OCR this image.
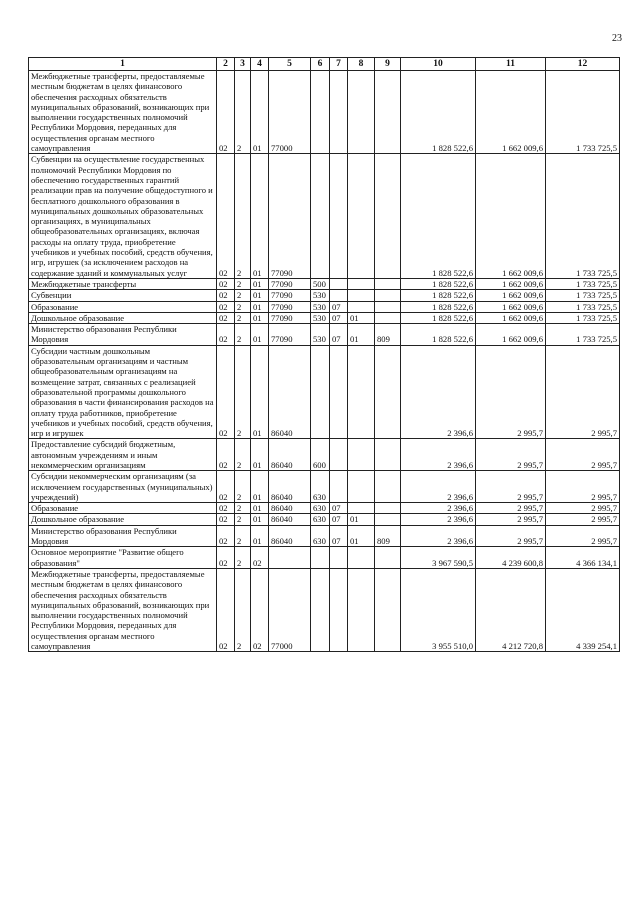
23
1	2	3	4	5	6	7	8	9	10	11	12
Межбюджетные трансферты, предоставляемые местным бюджетам в целях финансового обеспечения расходных обязательств муниципальных образований, возникающих при выполнении государственных полномочий Республики Мордовия, переданных для осуществления органам местного самоуправления	02	2	01	77000					1 828 522,6	1 662 009,6	1 733 725,5
Субвенции на осуществление государственных полномочий Республики Мордовия по обеспечению государственных гарантий реализации прав на получение общедоступного и бесплатного дошкольного образования в муниципальных дошкольных образовательных организациях, в муниципальных общеобразовательных организациях, включая расходы на оплату труда, приобретение учебников и учебных пособий, средств обучения, игр, игрушек (за исключением расходов на содержание зданий и коммунальных услуг	02	2	01	77090					1 828 522,6	1 662 009,6	1 733 725,5
Межбюджетные трансферты	02	2	01	77090	500				1 828 522,6	1 662 009,6	1 733 725,5
Субвенции	02	2	01	77090	530				1 828 522,6	1 662 009,6	1 733 725,5
Образование	02	2	01	77090	530	07			1 828 522,6	1 662 009,6	1 733 725,5
Дошкольное образование	02	2	01	77090	530	07	01		1 828 522,6	1 662 009,6	1 733 725,5
Министерство образования Республики Мордовия	02	2	01	77090	530	07	01	809	1 828 522,6	1 662 009,6	1 733 725,5
Субсидии частным дошкольным образовательным организациям и частным общеобразовательным организациям на возмещение затрат, связанных с реализацией образовательной программы дошкольного образования в части финансирования расходов на оплату труда работников, приобретение учебников и учебных пособий, средств обучения, игр и игрушек	02	2	01	86040					2 396,6	2 995,7	2 995,7
Предоставление субсидий бюджетным, автономным учреждениям и иным некоммерческим организациям	02	2	01	86040	600				2 396,6	2 995,7	2 995,7
Субсидии некоммерческим организациям (за исключением государственных (муниципальных) учреждений)	02	2	01	86040	630				2 396,6	2 995,7	2 995,7
Образование	02	2	01	86040	630	07			2 396,6	2 995,7	2 995,7
Дошкольное образование	02	2	01	86040	630	07	01		2 396,6	2 995,7	2 995,7
Министерство образования Республики Мордовия	02	2	01	86040	630	07	01	809	2 396,6	2 995,7	2 995,7
Основное мероприятие "Развитие общего образования"	02	2	02						3 967 590,5	4 239 600,8	4 366 134,1
Межбюджетные трансферты, предоставляемые местным бюджетам в целях финансового обеспечения расходных обязательств муниципальных образований, возникающих при выполнении государственных полномочий Республики Мордовия, переданных для осуществления органам местного самоуправления	02	2	02	77000					3 955 510,0	4 212 720,8	4 339 254,1
